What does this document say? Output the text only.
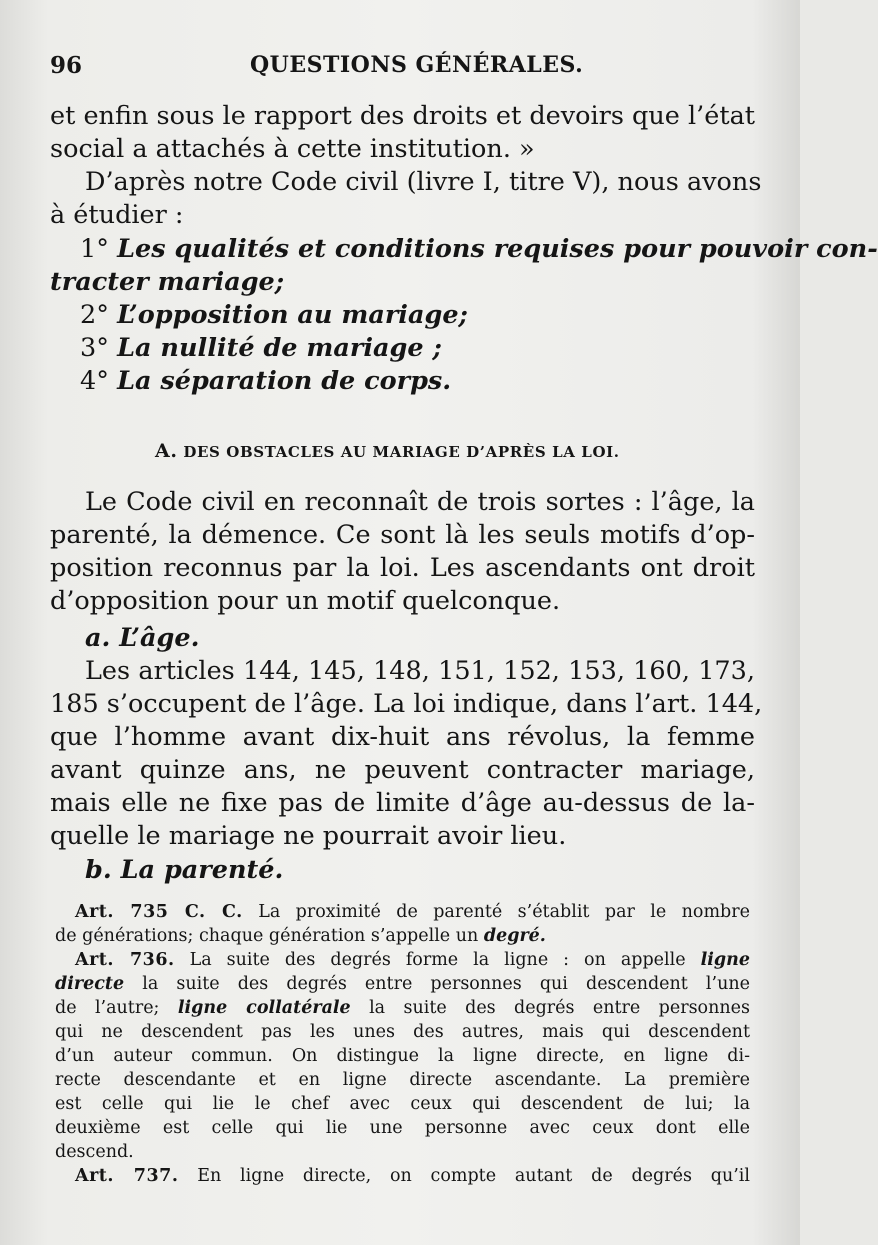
96	QUESTIONS GÉNÉRALES.
et enfin sous le rapport des droits et devoirs que l’état
social a attachés à cette institution. »
D’après notre Code civil (livre I, titre V), nous avons
à étudier :
1° Les qualités et conditions requises pour pouvoir con-
tracter mariage;
2° L’opposition au mariage;
3° La nullité de mariage ;
4° La séparation de corps.
A. DES OBSTACLES AU MARIAGE D’APRÈS LA LOI.
Le Code civil en reconnaît de trois sortes : l’âge, la
parenté, la démence. Ce sont là les seuls motifs d’op-
position reconnus par la loi. Les ascendants ont droit
d’opposition pour un motif quelconque.
a. L’âge.
Les articles 144, 145, 148, 151, 152, 153, 160, 173,
185 s’occupent de l’âge. La loi indique, dans l’art. 144,
que l’homme avant dix-huit ans révolus, la femme
avant quinze ans, ne peuvent contracter mariage,
mais elle ne fixe pas de limite d’âge au-dessus de la-
quelle le mariage ne pourrait avoir lieu.
b. La parenté.
Art. 735 C. C. La proximité de parenté s’établit par le nombre
de générations; chaque génération s’appelle un degré.
Art. 736. La suite des degrés forme la ligne : on appelle ligne
directe la suite des degrés entre personnes qui descendent l’une
de l’autre; ligne collatérale la suite des degrés entre personnes
qui ne descendent pas les unes des autres, mais qui descendent
d’un auteur commun. On distingue la ligne directe, en ligne di-
recte descendante et en ligne directe ascendante. La première
est celle qui lie le chef avec ceux qui descendent de lui; la
deuxième est celle qui lie une personne avec ceux dont elle
descend.
Art. 737. En ligne directe, on compte autant de degrés qu’il
